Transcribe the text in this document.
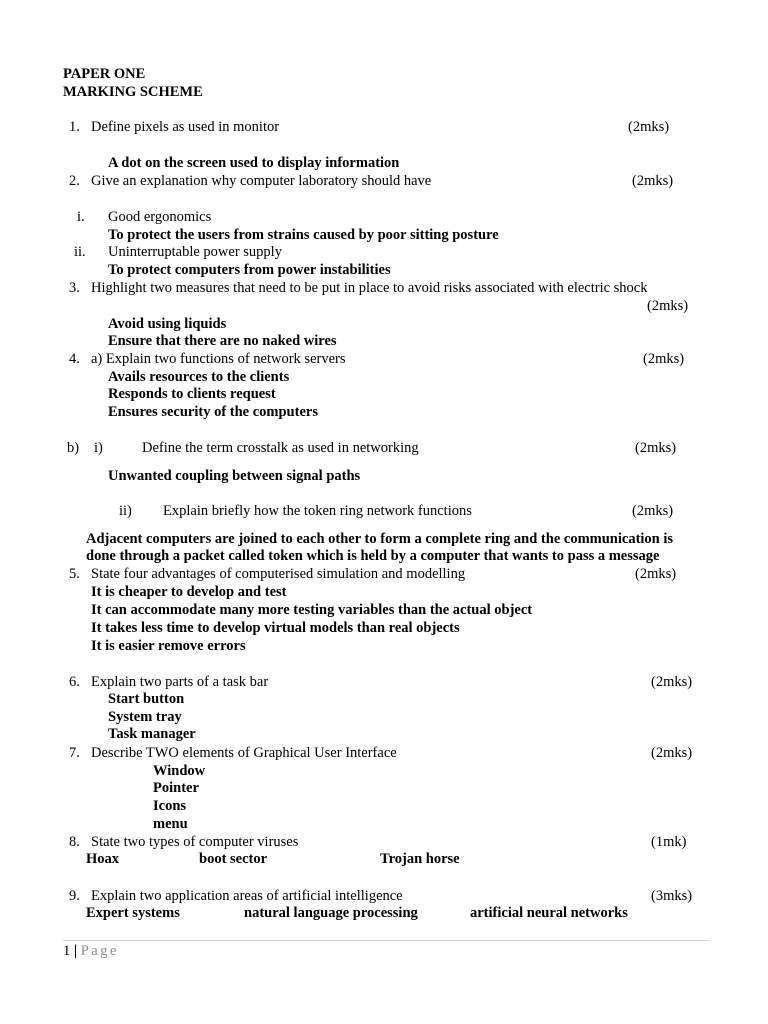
PAPER ONE
MARKING SCHEME
1. Define pixels as used in monitor	(2mks)
A dot on the screen used to display information
2. Give an explanation why computer laboratory should have	(2mks)
i. Good ergonomics
To protect the users from strains caused by poor sitting posture
ii. Uninterruptable power supply
To protect computers from power instabilities
3. Highlight two measures that need to be put in place to avoid risks associated with electric shock
(2mks)
Avoid using liquids
Ensure that there are no naked wires
4. a) Explain two functions of network servers	(2mks)
Avails resources to the clients
Responds to clients request
Ensures security of the computers
b) i)	Define the term crosstalk as used in networking	(2mks)
Unwanted coupling between signal paths
ii) Explain briefly how the token ring network functions	(2mks)
Adjacent computers are joined to each other to form a complete ring and the communication is
done through a packet called token which is held by a computer that wants to pass a message
5. State four advantages of computerised simulation and modelling	(2mks)
It is cheaper to develop and test
It can accommodate many more testing variables than the actual object
It takes less time to develop virtual models than real objects
It is easier remove errors
6. Explain two parts of a task bar	(2mks)
Start button
System tray
Task manager
7. Describe TWO elements of Graphical User Interface	(2mks)
Window
Pointer
Icons
menu
8. State two types of computer viruses	(1mk)
Hoax	boot sector	Trojan horse
9. Explain two application areas of artificial intelligence	(3mks)
Expert systems	natural language processing	artificial neural networks
1 | Page
